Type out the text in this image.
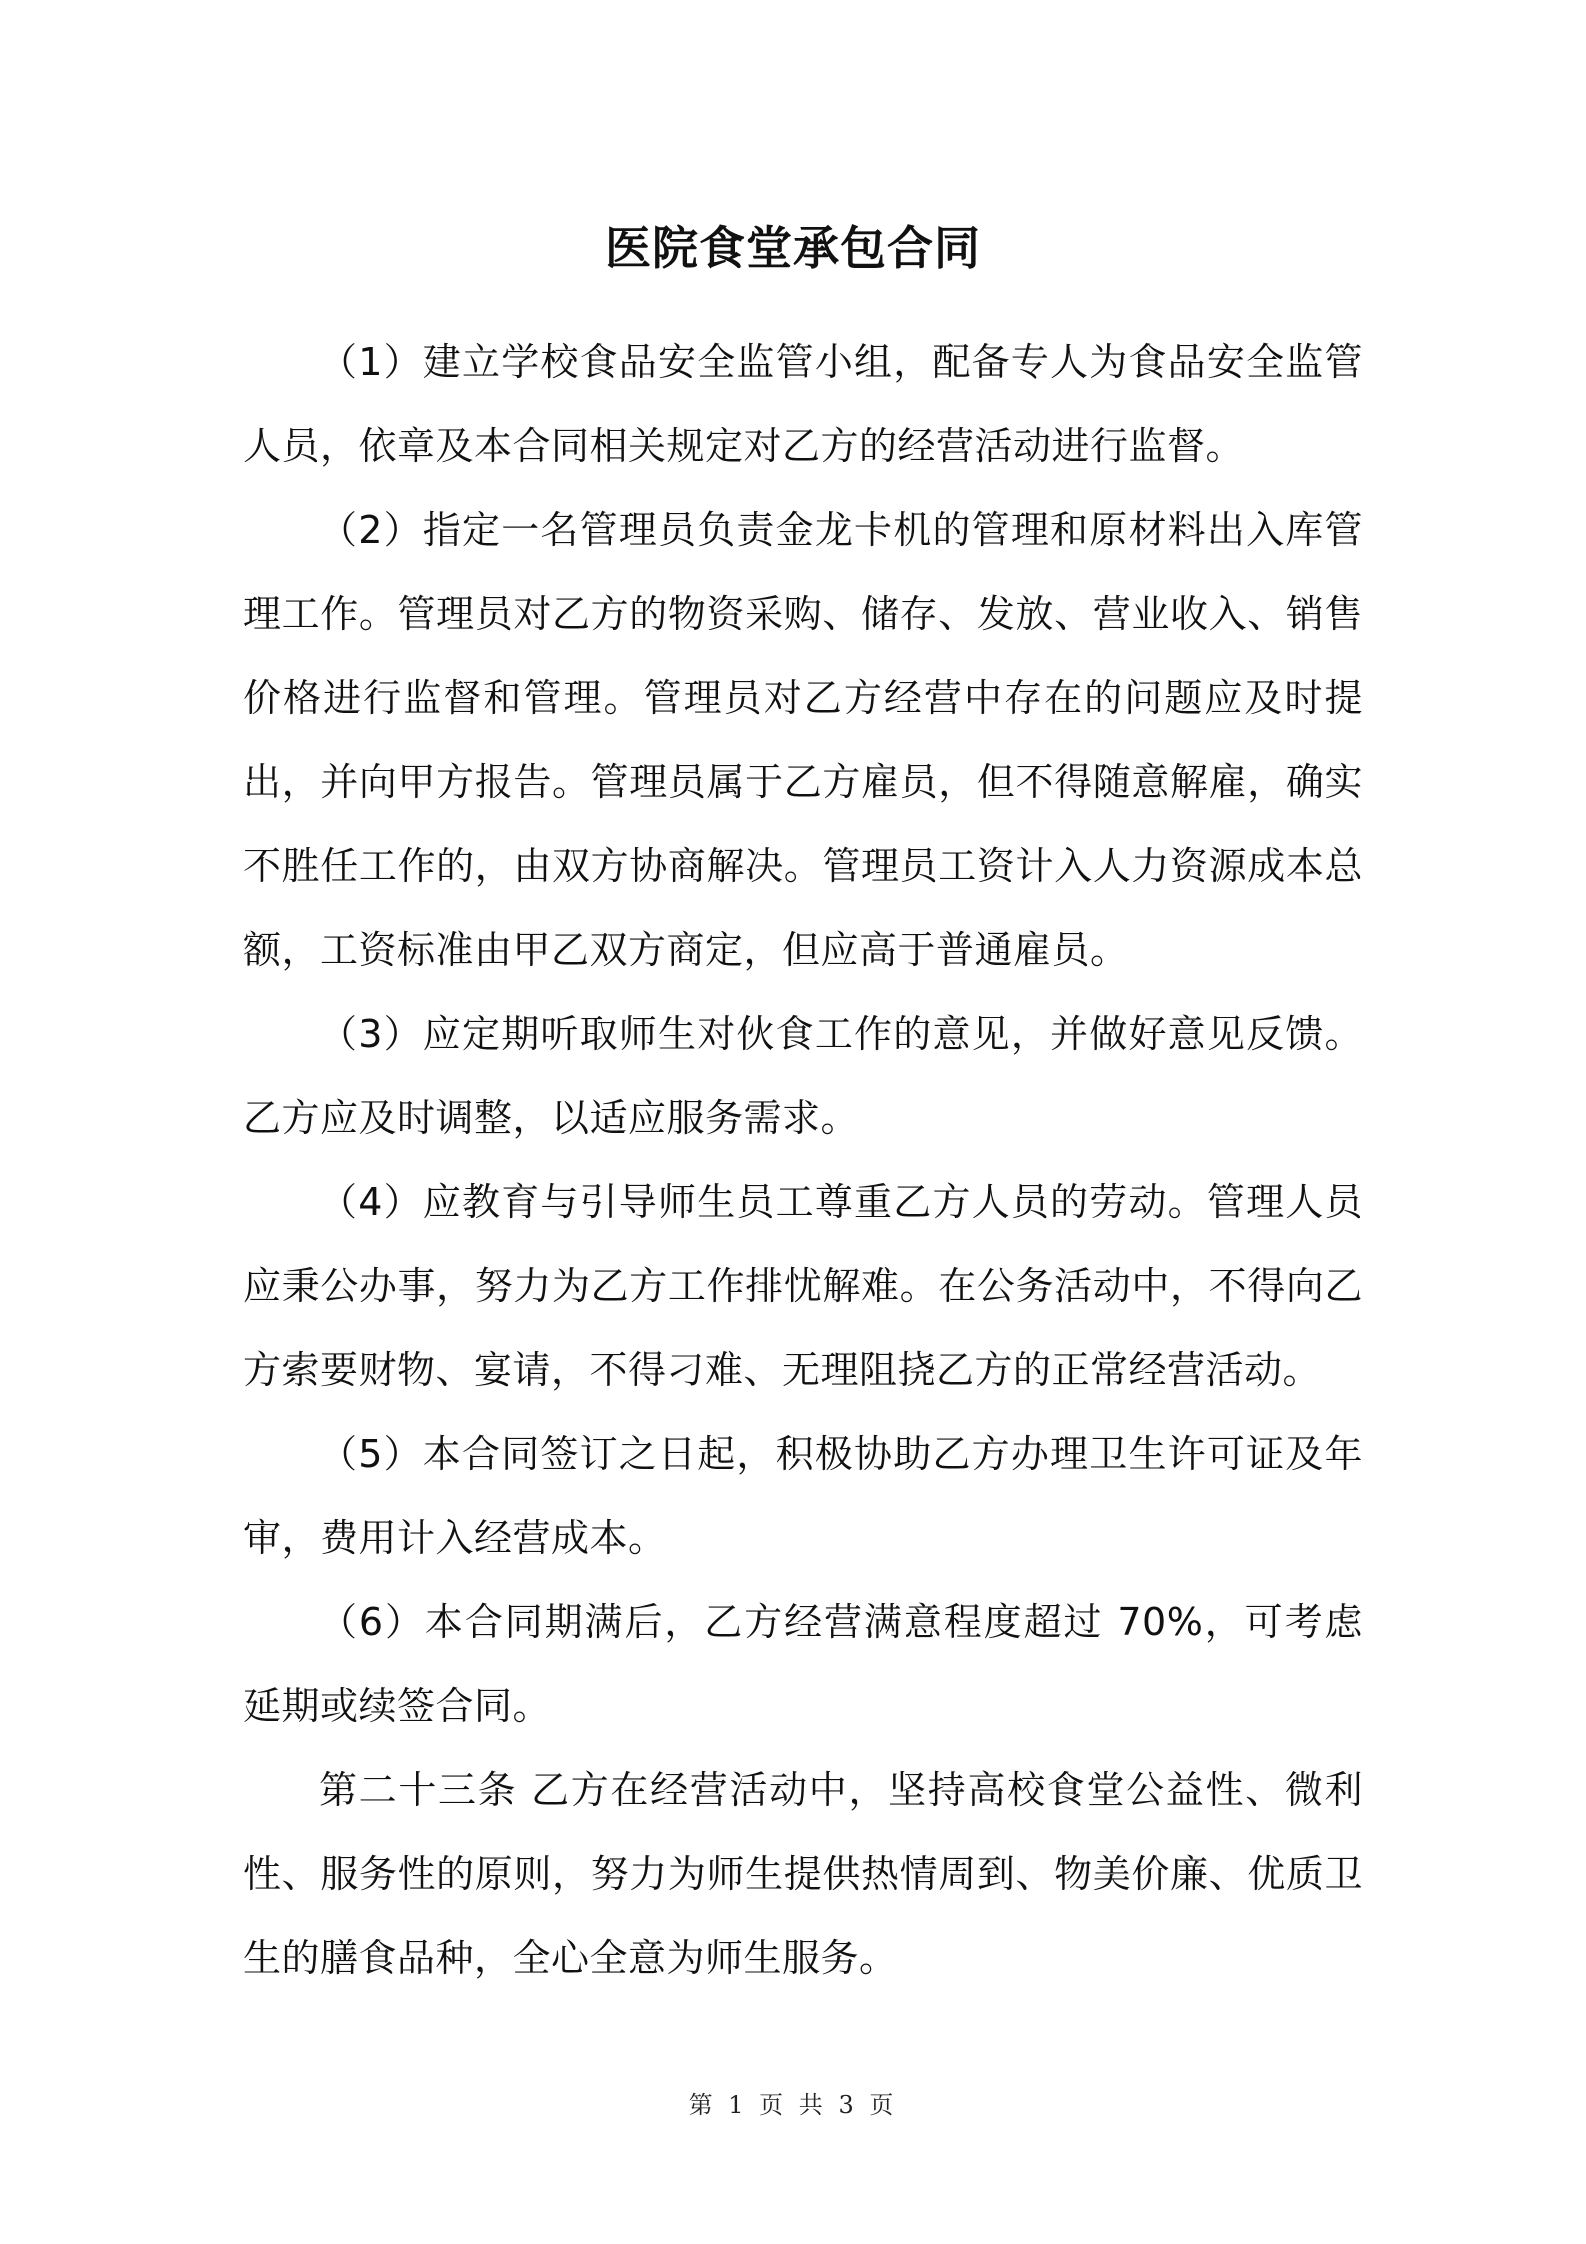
医院食堂承包合同

（1）建立学校食品安全监管小组，配备专人为食品安全监管人员，依章及本合同相关规定对乙方的经营活动进行监督。

（2）指定一名管理员负责金龙卡机的管理和原材料出入库管理工作。管理员对乙方的物资采购、储存、发放、营业收入、销售价格进行监督和管理。管理员对乙方经营中存在的问题应及时提出，并向甲方报告。管理员属于乙方雇员，但不得随意解雇，确实不胜任工作的，由双方协商解决。管理员工资计入人力资源成本总额，工资标准由甲乙双方商定，但应高于普通雇员。

（3）应定期听取师生对伙食工作的意见，并做好意见反馈。乙方应及时调整，以适应服务需求。

（4）应教育与引导师生员工尊重乙方人员的劳动。管理人员应秉公办事，努力为乙方工作排忧解难。在公务活动中，不得向乙方索要财物、宴请，不得刁难、无理阻挠乙方的正常经营活动。

（5）本合同签订之日起，积极协助乙方办理卫生许可证及年审，费用计入经营成本。

（6）本合同期满后，乙方经营满意程度超过 70%，可考虑延期或续签合同。

第二十三条 乙方在经营活动中，坚持高校食堂公益性、微利性、服务性的原则，努力为师生提供热情周到、物美价廉、优质卫生的膳食品种，全心全意为师生服务。

第 1 页 共 3 页
